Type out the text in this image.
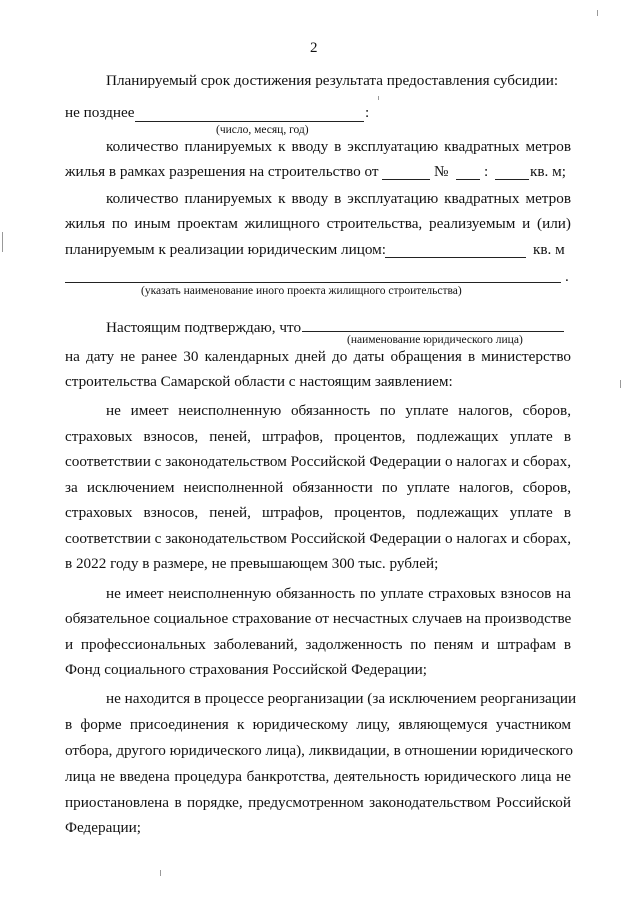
2
Планируемый срок достижения результата предоставления субсидии:
не позднее	:
(число, месяц, год)
количество планируемых к вводу в эксплуатацию квадратных метров
жилья в рамках разрешения на строительство от	№ :	кв. м;
количество планируемых к вводу в эксплуатацию квадратных метров
жилья по иным проектам жилищного строительства, реализуемым и (или)
планируемым к реализации юридическим лицом:	кв. м
.
(указать наименование иного проекта жилищного строительства)
Настоящим подтверждаю, что
(наименование юридического лица)
на дату не ранее 30 календарных дней до даты обращения в министерство
строительства Самарской области с настоящим заявлением:
не имеет неисполненную обязанность по уплате налогов, сборов,
страховых взносов, пеней, штрафов, процентов, подлежащих уплате в
соответствии с законодательством Российской Федерации о налогах и сборах,
за исключением неисполненной обязанности по уплате налогов, сборов,
страховых взносов, пеней, штрафов, процентов, подлежащих уплате в
соответствии с законодательством Российской Федерации о налогах и сборах,
в 2022 году в размере, не превышающем 300 тыс. рублей;
не имеет неисполненную обязанность по уплате страховых взносов на
обязательное социальное страхование от несчастных случаев на производстве
и профессиональных заболеваний, задолженность по пеням и штрафам в
Фонд социального страхования Российской Федерации;
не находится в процессе реорганизации (за исключением реорганизации
в форме присоединения к юридическому лицу, являющемуся участником
отбора, другого юридического лица), ликвидации, в отношении юридического
лица не введена процедура банкротства, деятельность юридического лица не
приостановлена в порядке, предусмотренном законодательством Российской
Федерации;
